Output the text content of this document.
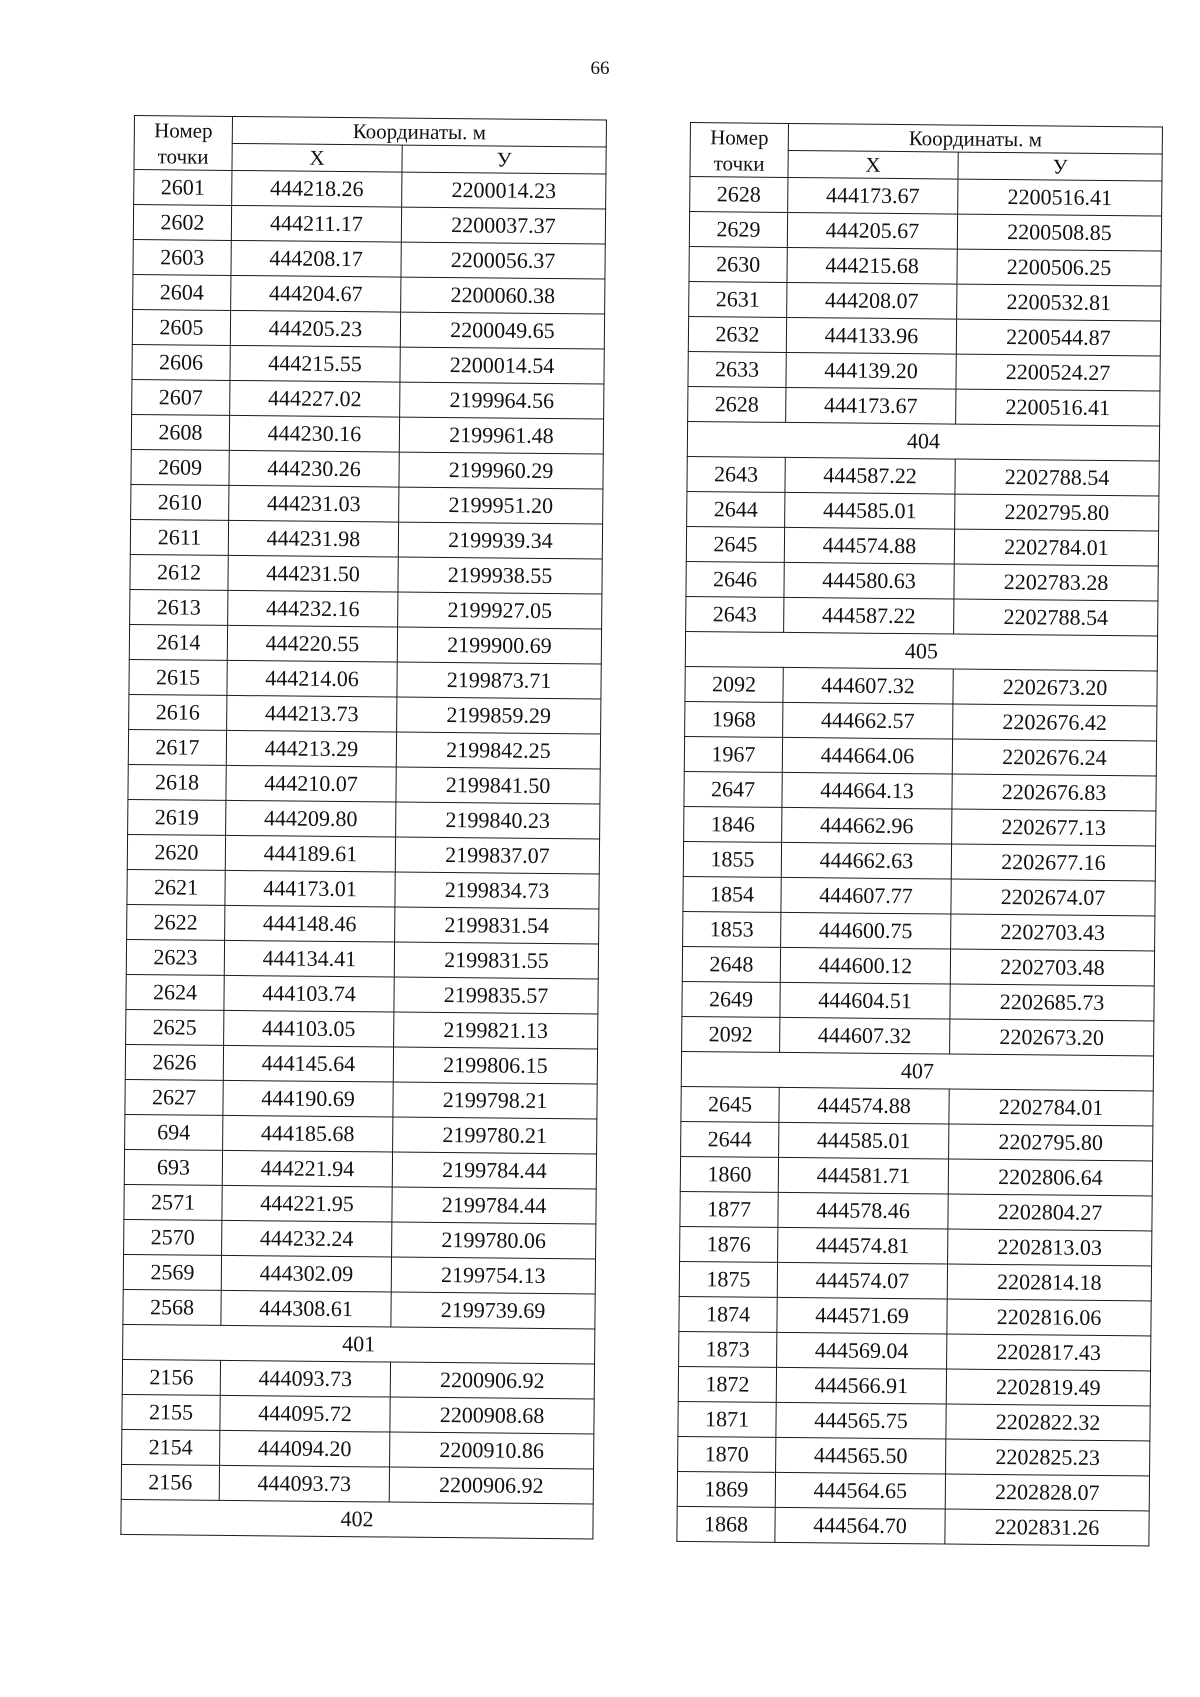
66
Номер точки	Координаты. м	
	X	У
2601	444218.26	2200014.23
2602	444211.17	2200037.37
2603	444208.17	2200056.37
2604	444204.67	2200060.38
2605	444205.23	2200049.65
2606	444215.55	2200014.54
2607	444227.02	2199964.56
2608	444230.16	2199961.48
2609	444230.26	2199960.29
2610	444231.03	2199951.20
2611	444231.98	2199939.34
2612	444231.50	2199938.55
2613	444232.16	2199927.05
2614	444220.55	2199900.69
2615	444214.06	2199873.71
2616	444213.73	2199859.29
2617	444213.29	2199842.25
2618	444210.07	2199841.50
2619	444209.80	2199840.23
2620	444189.61	2199837.07
2621	444173.01	2199834.73
2622	444148.46	2199831.54
2623	444134.41	2199831.55
2624	444103.74	2199835.57
2625	444103.05	2199821.13
2626	444145.64	2199806.15
2627	444190.69	2199798.21
694	444185.68	2199780.21
693	444221.94	2199784.44
2571	444221.95	2199784.44
2570	444232.24	2199780.06
2569	444302.09	2199754.13
2568	444308.61	2199739.69
401		
2156	444093.73	2200906.92
2155	444095.72	2200908.68
2154	444094.20	2200910.86
2156	444093.73	2200906.92
402		
Номер точки	Координаты. м	
	X	У
2628	444173.67	2200516.41
2629	444205.67	2200508.85
2630	444215.68	2200506.25
2631	444208.07	2200532.81
2632	444133.96	2200544.87
2633	444139.20	2200524.27
2628	444173.67	2200516.41
404		
2643	444587.22	2202788.54
2644	444585.01	2202795.80
2645	444574.88	2202784.01
2646	444580.63	2202783.28
2643	444587.22	2202788.54
405		
2092	444607.32	2202673.20
1968	444662.57	2202676.42
1967	444664.06	2202676.24
2647	444664.13	2202676.83
1846	444662.96	2202677.13
1855	444662.63	2202677.16
1854	444607.77	2202674.07
1853	444600.75	2202703.43
2648	444600.12	2202703.48
2649	444604.51	2202685.73
2092	444607.32	2202673.20
407		
2645	444574.88	2202784.01
2644	444585.01	2202795.80
1860	444581.71	2202806.64
1877	444578.46	2202804.27
1876	444574.81	2202813.03
1875	444574.07	2202814.18
1874	444571.69	2202816.06
1873	444569.04	2202817.43
1872	444566.91	2202819.49
1871	444565.75	2202822.32
1870	444565.50	2202825.23
1869	444564.65	2202828.07
1868	444564.70	2202831.26
